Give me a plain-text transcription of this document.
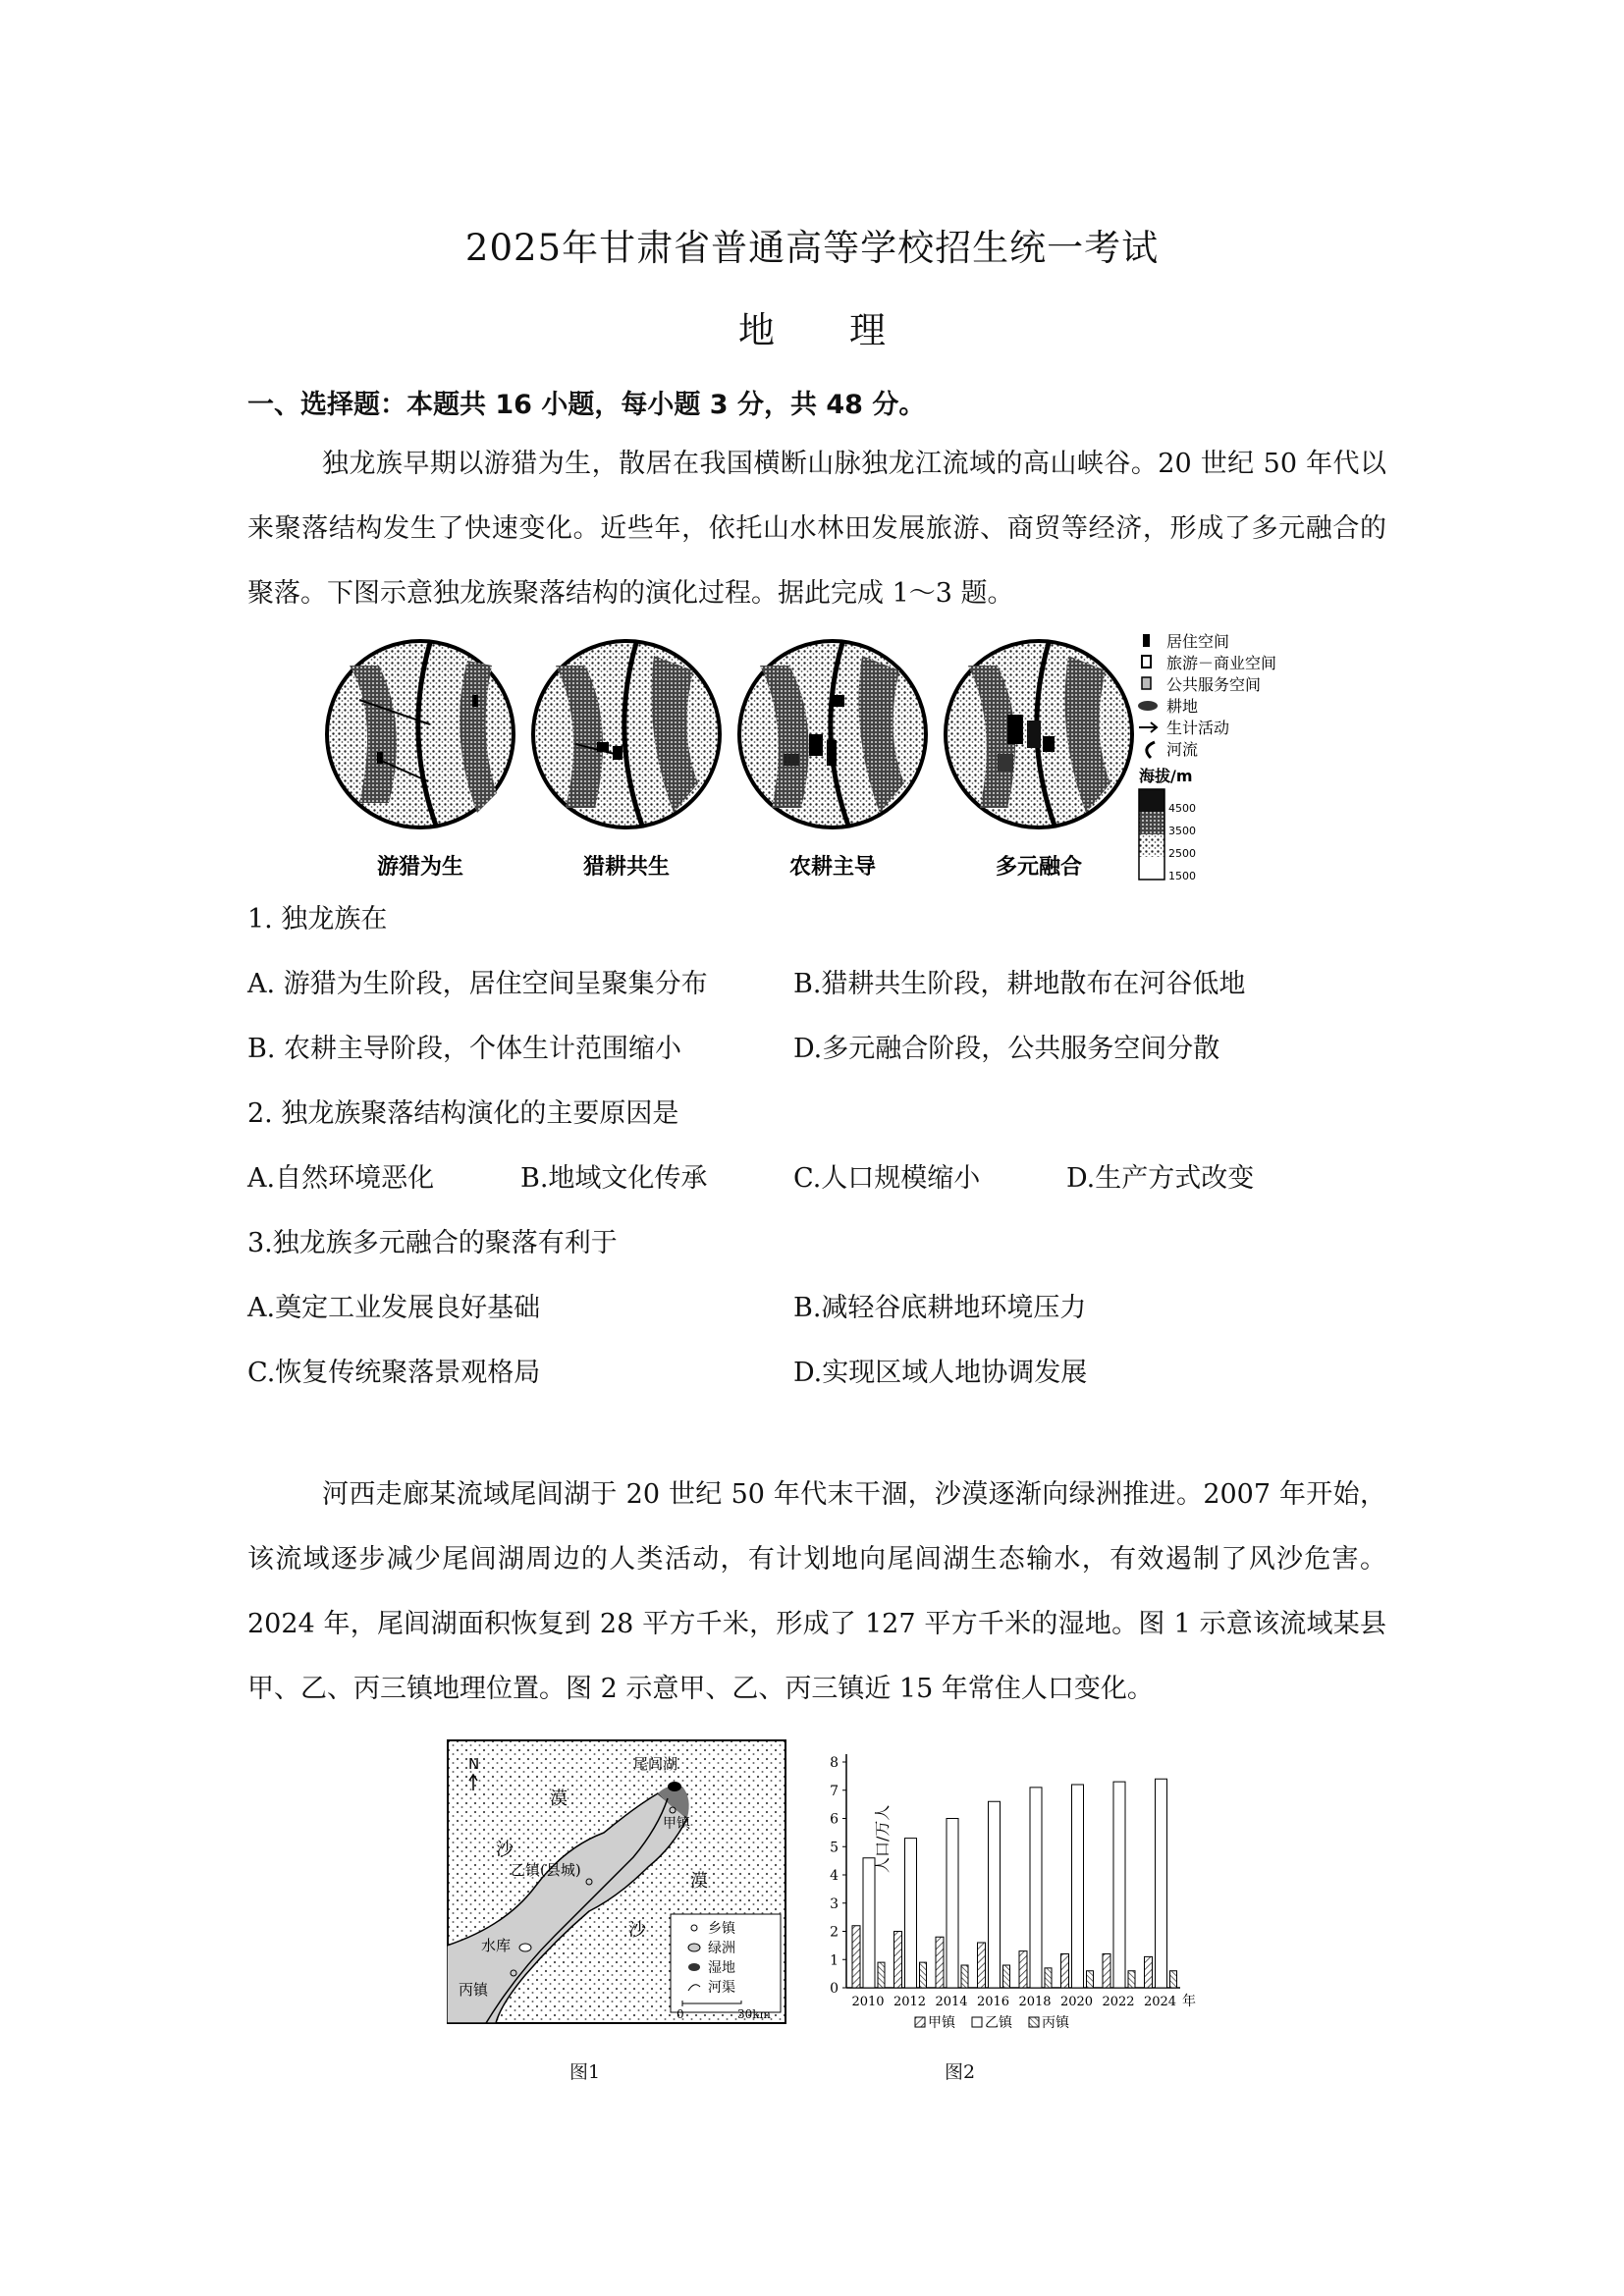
2025年甘肃省普通高等学校招生统一考试
地 理
一、选择题：本题共 16 小题，每小题 3 分，共 48 分。
独龙族早期以游猎为生，散居在我国横断山脉独龙江流域的高山峡谷。20 世纪 50 年代以来聚落结构发生了快速变化。近些年，依托山水林田发展旅游、商贸等经济，形成了多元融合的聚落。下图示意独龙族聚落结构的演化过程。据此完成 1～3 题。
游猎为生	猎耕共生	农耕主导	多元融合
居住空间
旅游－商业空间
公共服务空间
耕地
生计活动
河流
海拔/m
4500
3500
2500
1500
1. 独龙族在
A. 游猎为生阶段，居住空间呈聚集分布	B.猎耕共生阶段，耕地散布在河谷低地
B. 农耕主导阶段，个体生计范围缩小	D.多元融合阶段，公共服务空间分散
2. 独龙族聚落结构演化的主要原因是
A.自然环境恶化	B.地域文化传承	C.人口规模缩小	D.生产方式改变
3.独龙族多元融合的聚落有利于
A.奠定工业发展良好基础	B.减轻谷底耕地环境压力
C.恢复传统聚落景观格局	D.实现区域人地协调发展
河西走廊某流域尾闾湖于 20 世纪 50 年代末干涸，沙漠逐渐向绿洲推进。2007 年开始，该流域逐步减少尾闾湖周边的人类活动，有计划地向尾闾湖生态输水，有效遏制了风沙危害。2024 年，尾闾湖面积恢复到 28 平方千米，形成了 127 平方千米的湿地。图 1 示意该流域某县甲、乙、丙三镇地理位置。图 2 示意甲、乙、丙三镇近 15 年常住人口变化。
N	尾闾湖
甲镇
乙镇(县城)
丙镇
水库
漠
沙
漠
沙	乡镇
绿洲
湿地
河渠
0	30km
图1
0
1
2
3
4
5
6
7
8
2010 2012 2014 2016 2018 2020 2022 2024 年
甲镇 乙镇 丙镇
人口/万人
图2
